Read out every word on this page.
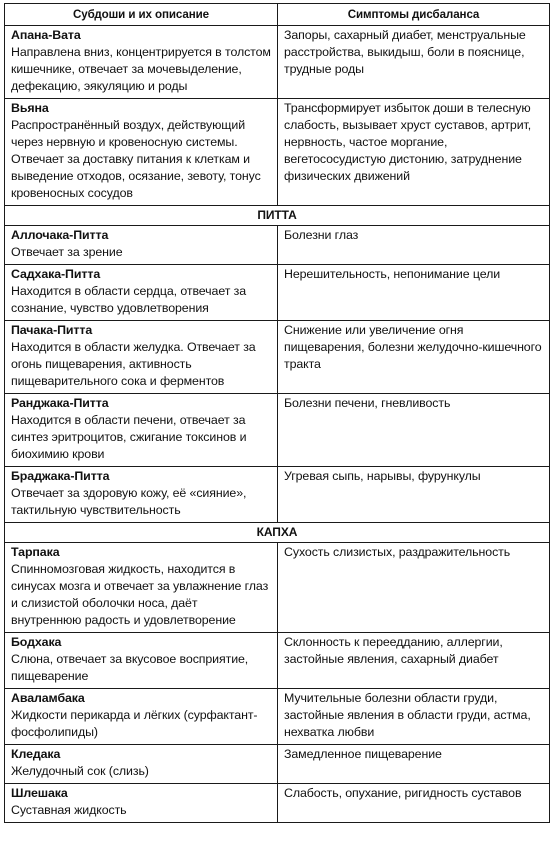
Субдоши и их описание	Симптомы дисбаланса

Апана-Вата
Направлена вниз, концентрируется в толстом кишечнике, отвечает за мочевыделение, дефекацию, эякуляцию и роды	Запоры, сахарный диабет, менструальные расстройства, выкидыш, боли в пояснице, трудные роды

Вьяна
Распространённый воздух, действующий через нервную и кровеносную системы. Отвечает за доставку питания к клеткам и выведение отходов, осязание, зевоту, тонус кровеносных сосудов	Трансформирует избыток доши в телесную слабость, вызывает хруст суставов, артрит, нервность, частое моргание, вегетососудистую дистонию, затруднение физических движений
ПИТТА	

Аллочака-Питта
Отвечает за зрение	Болезни глаз

Садхака-Питта
Находится в области сердца, отвечает за сознание, чувство удовлетворения	Нерешительность, непонимание цели

Пачака-Питта
Находится в области желудка. Отвечает за огонь пищеварения, активность пищеварительного сока и ферментов	Снижение или увеличение огня пищеварения, болезни желудочно-кишечного тракта

Ранджака-Питта
Находится в области печени, отвечает за синтез эритроцитов, сжигание токсинов и биохимию крови	Болезни печени, гневливость

Браджака-Питта
Отвечает за здоровую кожу, её «сияние», тактильную чувствительность	Угревая сыпь, нарывы, фурункулы
КАПХА	

Тарпака
Спинномозговая жидкость, находится в синусах мозга и отвечает за увлажнение глаз и слизистой оболочки носа, даёт внутреннюю радость и удовлетворение	Сухость слизистых, раздражительность

Бодхака
Слюна, отвечает за вкусовое восприятие, пищеварение	Склонность к переедданию, аллергии, застойные явления, сахарный диабет

Аваламбака
Жидкости перикарда и лёгких (сурфактант-фосфолипиды)	Мучительные болезни области груди, застойные явления в области груди, астма, нехватка любви

Кледака
Желудочный сок (слизь)	Замедленное пищеварение

Шлешака
Суставная жидкость	Слабость, опухание, ригидность суставов
